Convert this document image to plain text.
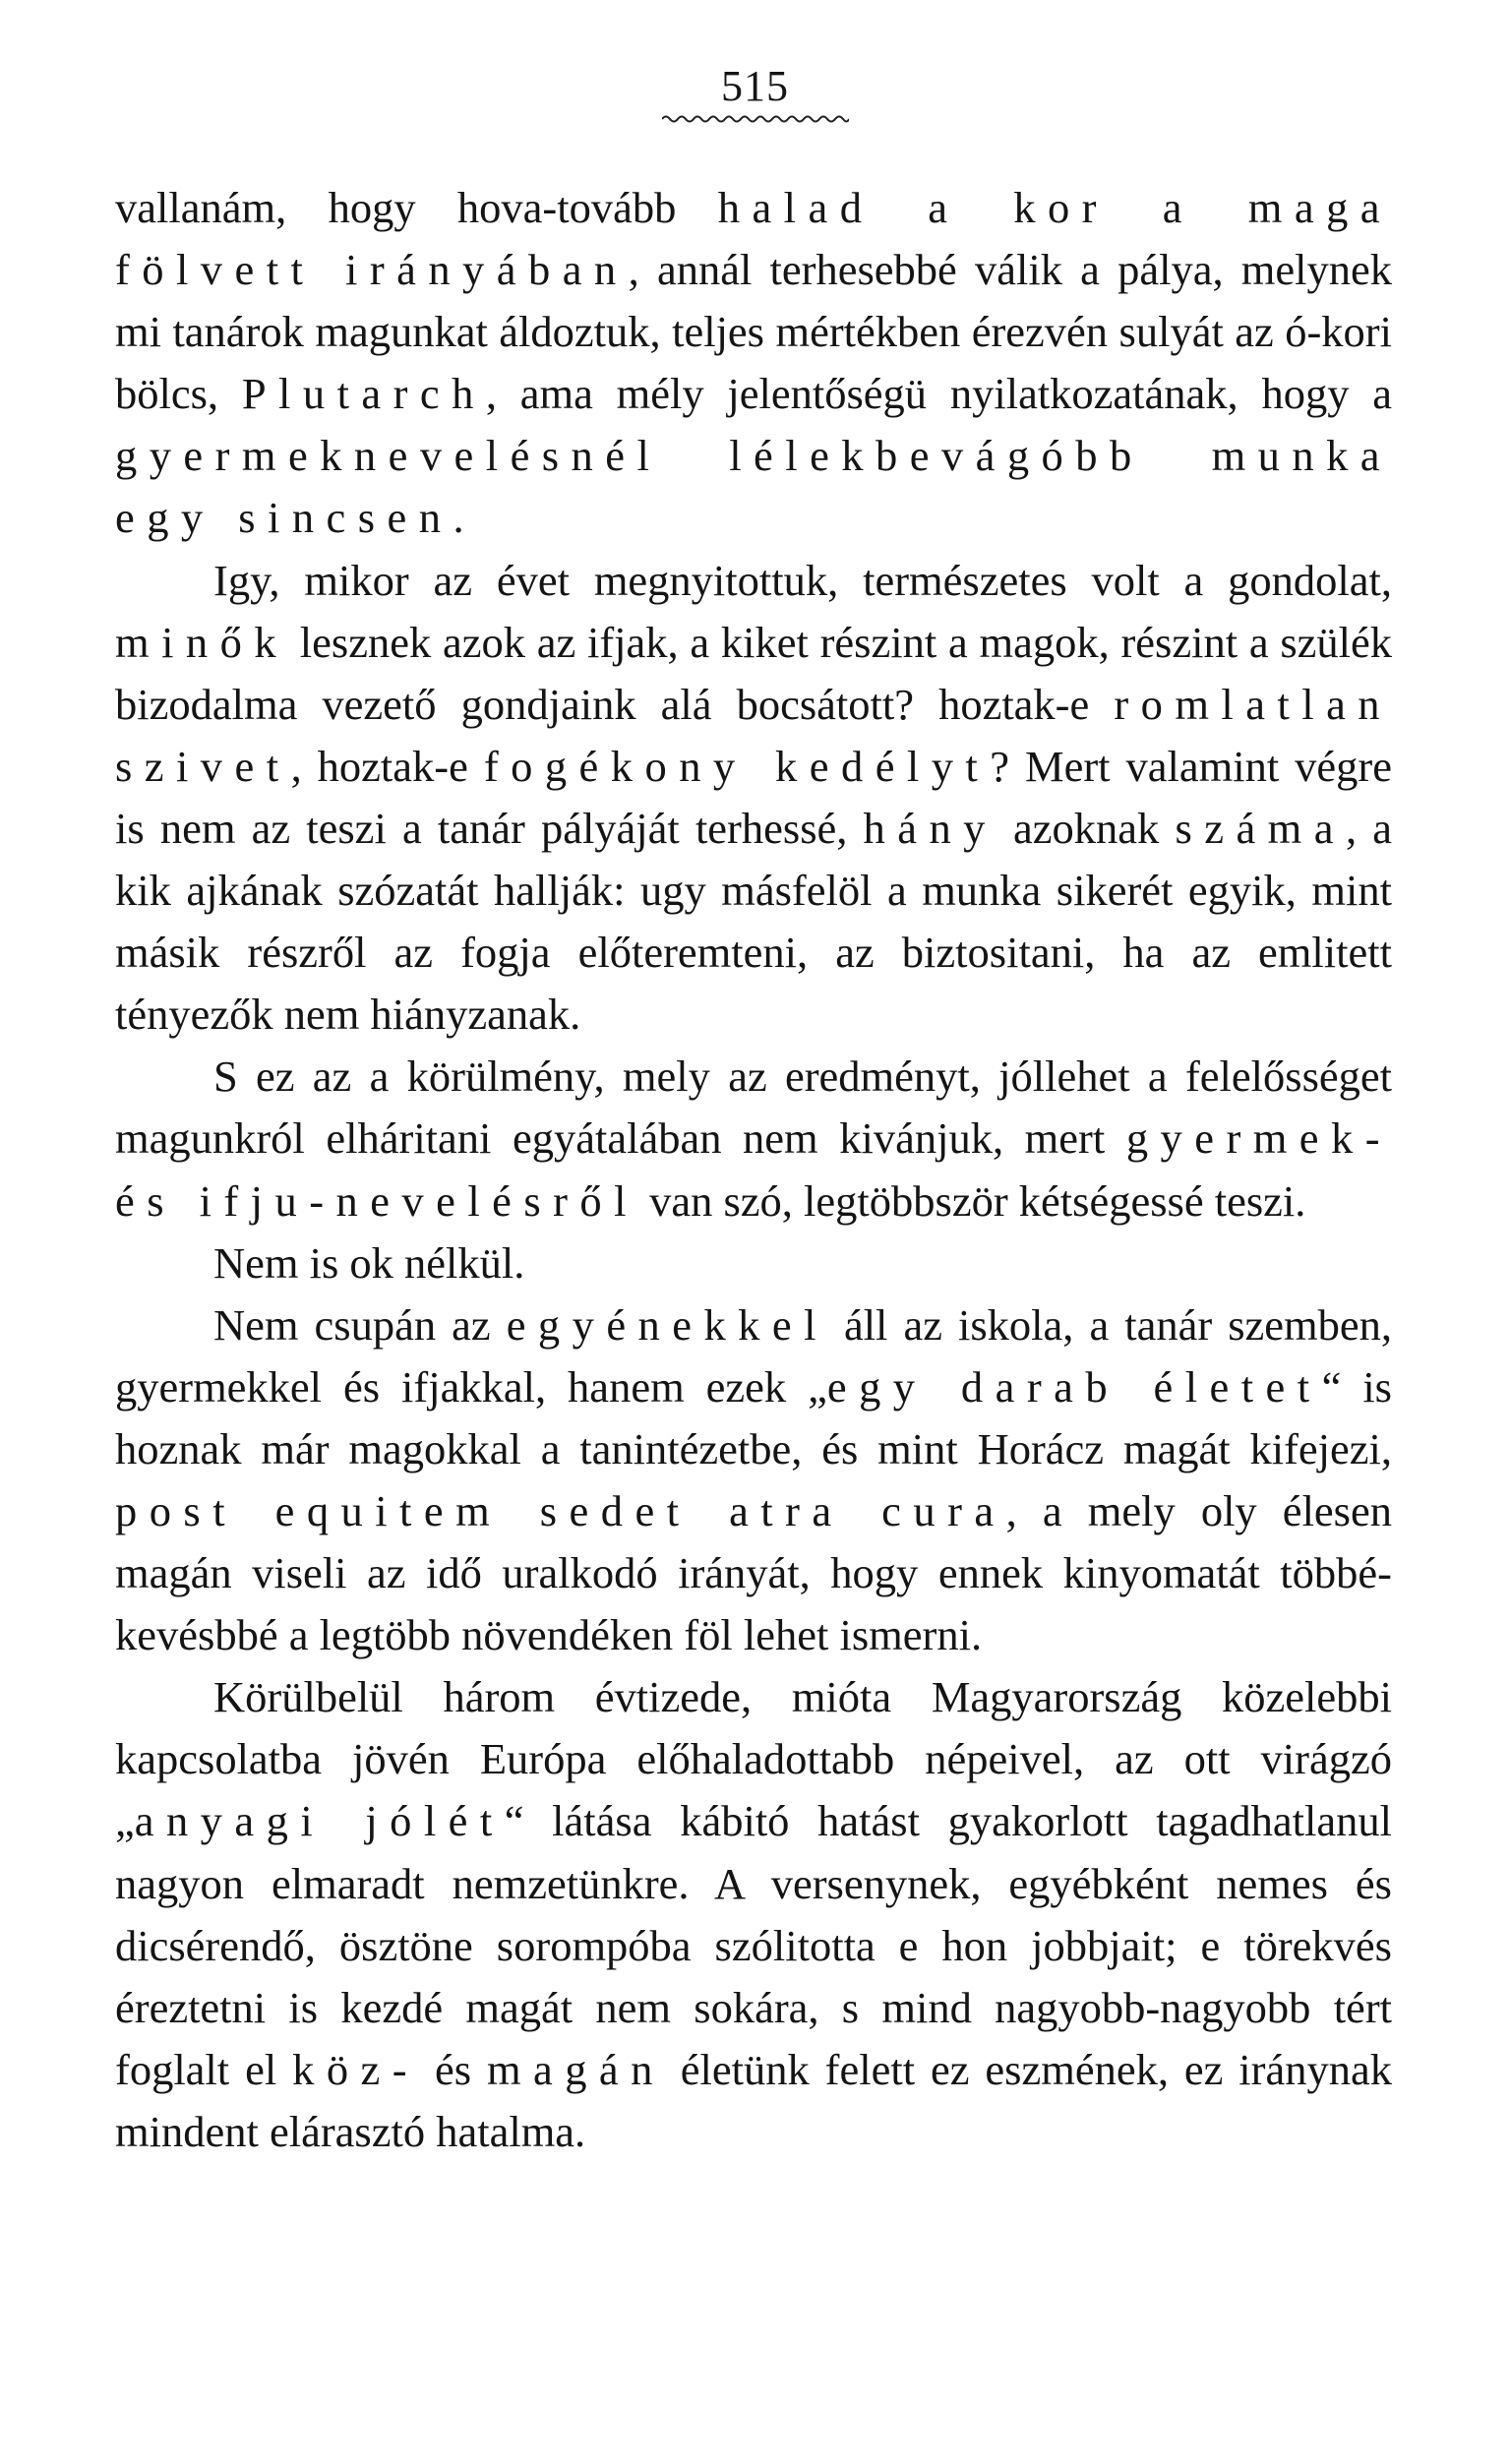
515

vallanám, hogy hova-tovább halad a kor a maga fölvett irányában, annál terhesebbé válik a pálya, melynek mi tanárok magunkat áldoztuk, teljes mértékben érezvén sulyát az ó-kori bölcs, Plutarch, ama mély jelentőségü nyilatkozatának, hogy a gyermeknevelésnél lélekbevágóbb munka egy sincsen.

Igy, mikor az évet megnyitottuk, természetes volt a gondolat, minők lesznek azok az ifjak, a kiket részint a magok, részint a szülék bizodalma vezető gondjaink alá bocsátott? hoztak-e romlatlan szivet, hoztak-e fogékony kedélyt? Mert valamint végre is nem az teszi a tanár pályáját terhessé, hány azoknak száma, a kik ajkának szózatát hallják: ugy másfelöl a munka sikerét egyik, mint másik részről az fogja előteremteni, az biztositani, ha az emlitett tényezők nem hiányzanak.

S ez az a körülmény, mely az eredményt, jóllehet a felelősséget magunkról elháritani egyátalában nem kivánjuk, mert gyermek- és ifju-nevelésről van szó, legtöbbször kétségessé teszi.

Nem is ok nélkül.

Nem csupán az egyénekkel áll az iskola, a tanár szemben, gyermekkel és ifjakkal, hanem ezek „egy darab életet“ is hoznak már magokkal a tanintézetbe, és mint Horácz magát kifejezi, post equitem sedet atra cura, a mely oly élesen magán viseli az idő uralkodó irányát, hogy ennek kinyomatát többé-kevésbbé a legtöbb növendéken föl lehet ismerni.

Körülbelül három évtizede, mióta Magyarország közelebbi kapcsolatba jövén Európa előhaladottabb népeivel, az ott virágzó „anyagi jólét“ látása kábitó hatást gyakorlott tagadhatlanul nagyon elmaradt nemzetünkre. A versenynek, egyébként nemes és dicsérendő, ösztöne sorompóba szólitotta e hon jobbjait; e törekvés éreztetni is kezdé magát nem sokára, s mind nagyobb-nagyobb tért foglalt el köz- és magán életünk felett ez eszmének, ez iránynak mindent elárasztó hatalma.
